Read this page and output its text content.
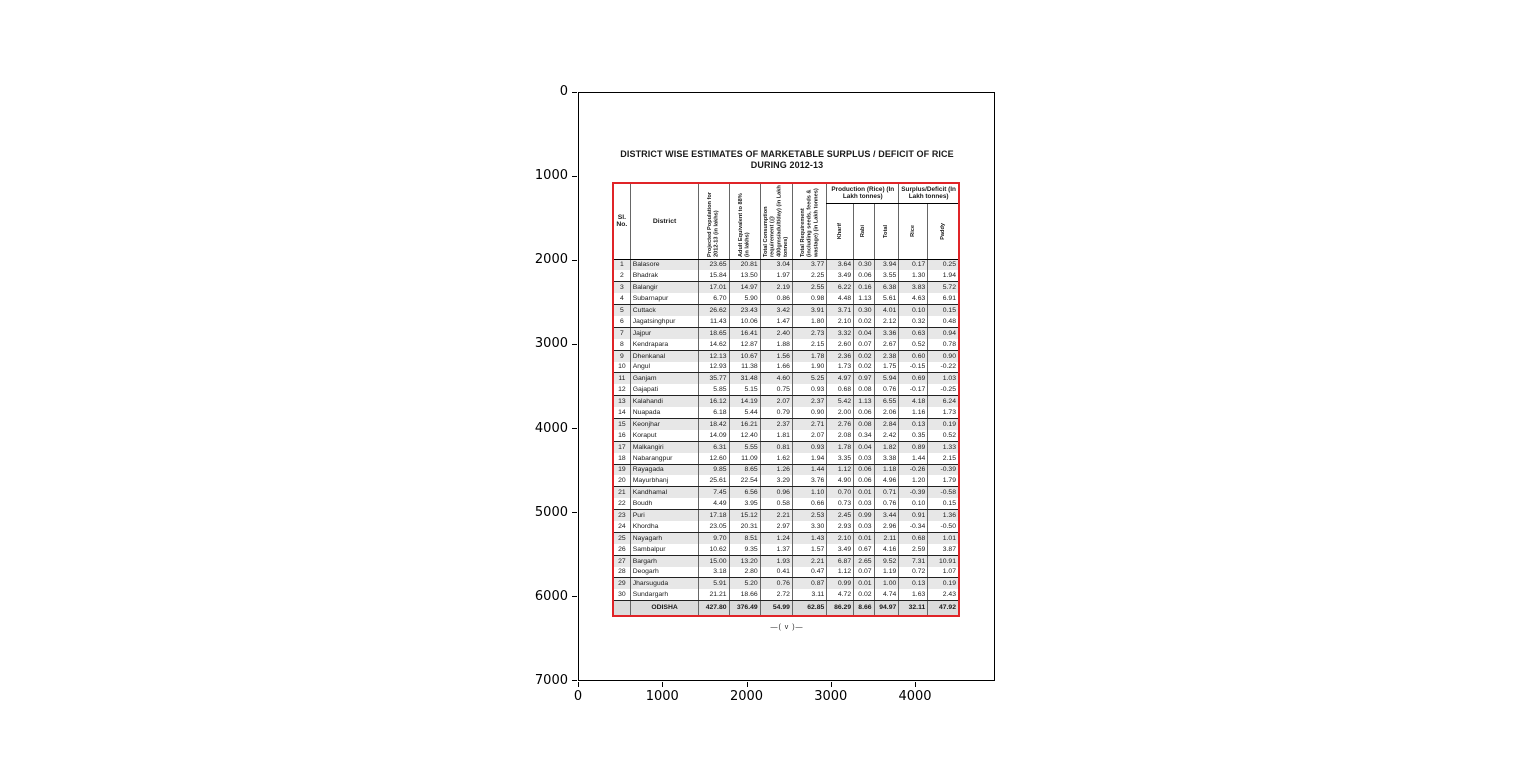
0
1000
2000
3000
4000
5000
6000
7000
0	1000	2000	3000	4000
DISTRICT WISE ESTIMATES OF MARKETABLE SURPLUS / DEFICIT OF RICE
DURING 2012-13
Sl. No.	District	Projected Population for 2012-13 (in lakhs)	Adult Equivalent to 88% (in lakhs)	Total Consumption requirement (@ 400gms/adult/day) (in Lakh tonnes)	Total Requirement (including seeds, feeds & wastage) (in Lakh tonnes)	Production (Rice) (In Lakh tonnes)			Surplus/Deficit (In Lakh tonnes)	

						Kharif	Rabi	Total	Rice	Paddy

1	Balasore	23.65	20.81	3.04	3.77	3.64	0.30	3.94	0.17	0.25
2	Bhadrak	15.84	13.50	1.97	2.25	3.49	0.06	3.55	1.30	1.94
3	Balangir	17.01	14.97	2.19	2.55	6.22	0.16	6.38	3.83	5.72
4	Subarnapur	6.70	5.90	0.86	0.98	4.48	1.13	5.61	4.63	6.91
5	Cuttack	26.62	23.43	3.42	3.91	3.71	0.30	4.01	0.10	0.15
6	Jagatsinghpur	11.43	10.06	1.47	1.80	2.10	0.02	2.12	0.32	0.48
7	Jajpur	18.65	16.41	2.40	2.73	3.32	0.04	3.36	0.63	0.94
8	Kendrapara	14.62	12.87	1.88	2.15	2.60	0.07	2.67	0.52	0.78
9	Dhenkanal	12.13	10.67	1.56	1.78	2.36	0.02	2.38	0.60	0.90
10	Angul	12.93	11.38	1.66	1.90	1.73	0.02	1.75	-0.15	-0.22
11	Ganjam	35.77	31.48	4.60	5.25	4.97	0.97	5.94	0.69	1.03
12	Gajapati	5.85	5.15	0.75	0.93	0.68	0.08	0.76	-0.17	-0.25
13	Kalahandi	16.12	14.19	2.07	2.37	5.42	1.13	6.55	4.18	6.24
14	Nuapada	6.18	5.44	0.79	0.90	2.00	0.06	2.06	1.16	1.73
15	Keonjhar	18.42	16.21	2.37	2.71	2.76	0.08	2.84	0.13	0.19
16	Koraput	14.09	12.40	1.81	2.07	2.08	0.34	2.42	0.35	0.52
17	Malkangiri	6.31	5.55	0.81	0.93	1.78	0.04	1.82	0.89	1.33
18	Nabarangpur	12.60	11.09	1.62	1.94	3.35	0.03	3.38	1.44	2.15
19	Rayagada	9.85	8.65	1.26	1.44	1.12	0.06	1.18	-0.26	-0.39
20	Mayurbhanj	25.61	22.54	3.29	3.76	4.90	0.06	4.96	1.20	1.79
21	Kandhamal	7.45	6.56	0.96	1.10	0.70	0.01	0.71	-0.39	-0.58
22	Boudh	4.49	3.95	0.58	0.66	0.73	0.03	0.76	0.10	0.15
23	Puri	17.18	15.12	2.21	2.53	2.45	0.99	3.44	0.91	1.36
24	Khordha	23.05	20.31	2.97	3.30	2.93	0.03	2.96	-0.34	-0.50
25	Nayagarh	9.70	8.51	1.24	1.43	2.10	0.01	2.11	0.68	1.01
26	Sambalpur	10.62	9.35	1.37	1.57	3.49	0.67	4.16	2.59	3.87
27	Bargarh	15.00	13.20	1.93	2.21	6.87	2.65	9.52	7.31	10.91
28	Deogarh	3.18	2.80	0.41	0.47	1.12	0.07	1.19	0.72	1.07
29	Jharsuguda	5.91	5.20	0.76	0.87	0.99	0.01	1.00	0.13	0.19
30	Sundargarh	21.21	18.66	2.72	3.11	4.72	0.02	4.74	1.63	2.43
	ODISHA	427.80	376.49	54.99	62.85	86.29	8.66	94.97	32.11	47.92
—( v )—
